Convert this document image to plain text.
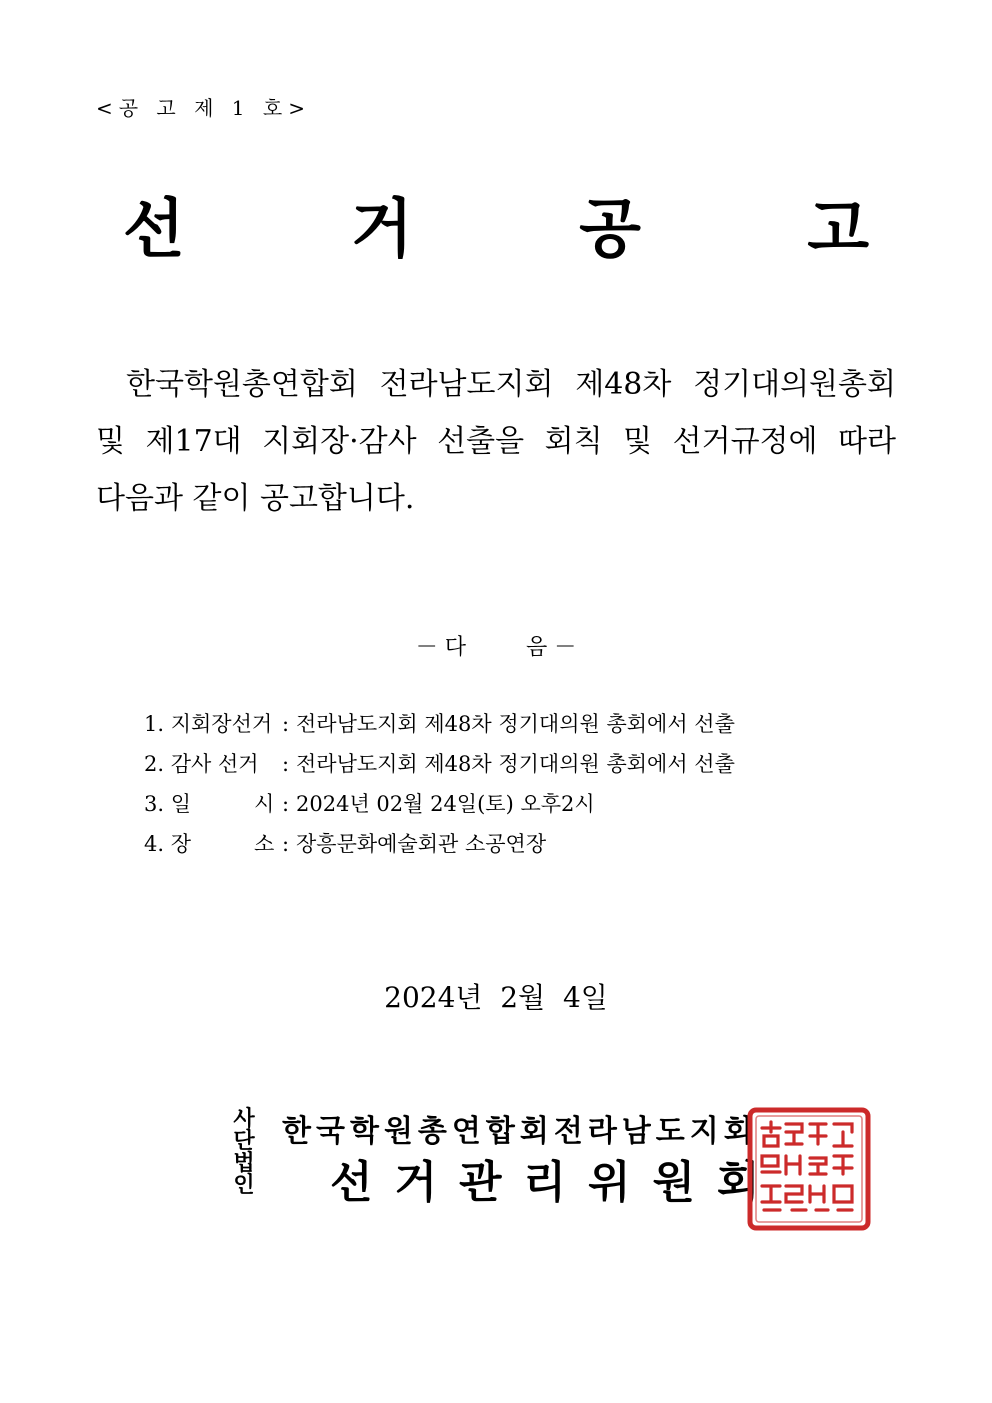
<공 고 제 1 호>
선 거 공 고

한국학원총연합회 전라남도지회 제48차 정기대의원총회

및 제17대 지회장·감사 선출을 회칙 및 선거규정에 따라

다음과 같이 공고합니다.

－ 다	음 －
1. 지회장선거 : 전라남도지회 제48차 정기대의원 총회에서 선출
2. 감사 선거	: 전라남도지회 제48차 정기대의원 총회에서 선출
3. 일　　　시 : 2024년 02월 24일(토) 오후2시
4. 장　　　소 : 장흥문화예술회관 소공연장
2024년  2월  4일
사
단
법
인
한국학원총연합회전라남도지회
선거관리위원회
